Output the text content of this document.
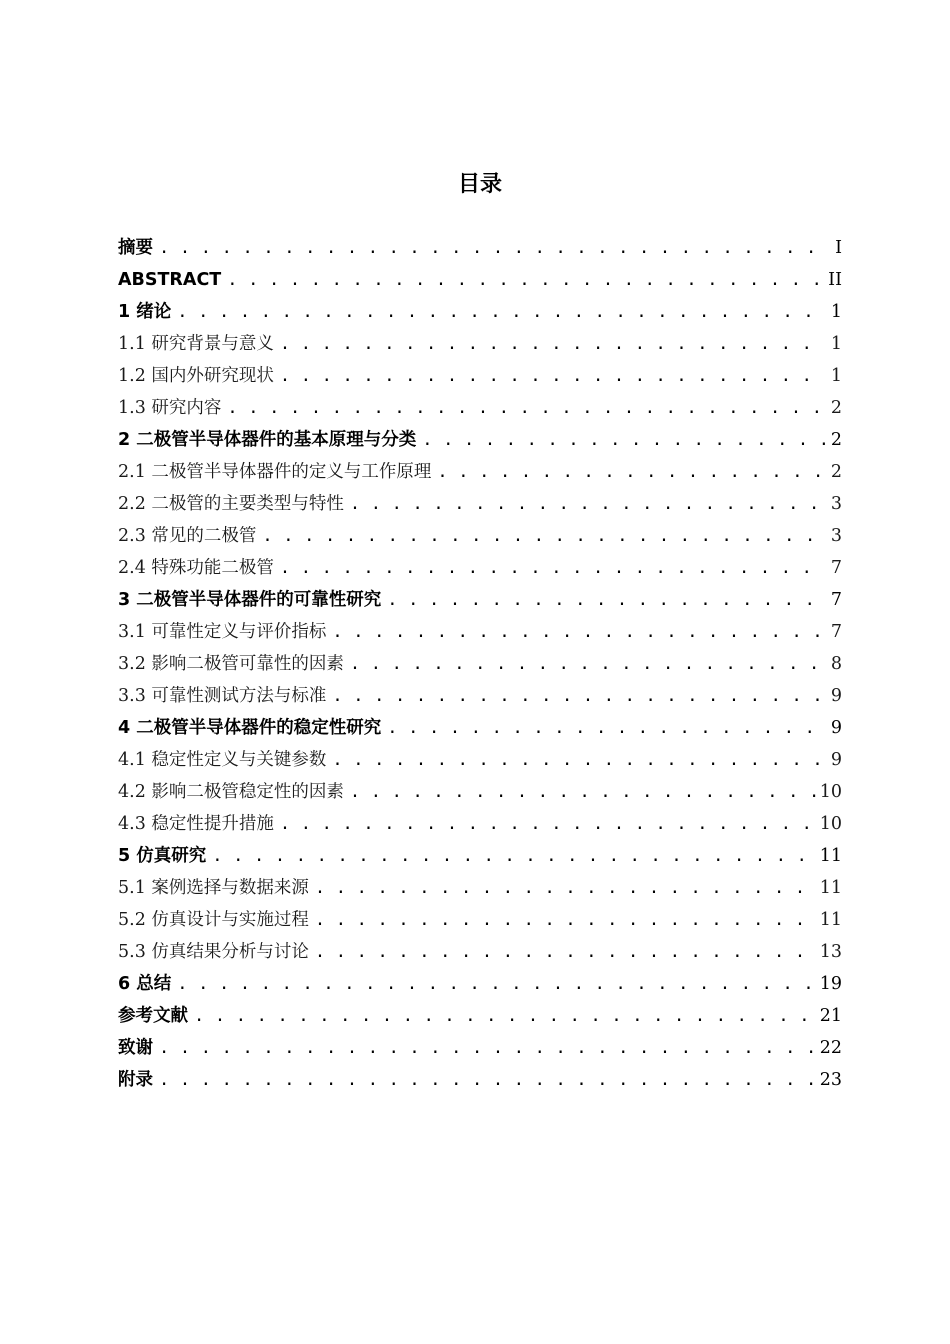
目录
摘要 . . .	I
ABSTRACT . . .	II
1 绪论 . . .	1
1.1 研究背景与意义 . . .	1
1.2 国内外研究现状 . . .	1
1.3 研究内容 . . .	2
2 二极管半导体器件的基本原理与分类 . . .	2
2.1 二极管半导体器件的定义与工作原理 . . .	2
2.2 二极管的主要类型与特性 . . .	3
2.3 常见的二极管 . . .	3
2.4 特殊功能二极管 . . .	7
3 二极管半导体器件的可靠性研究 . . .	7
3.1 可靠性定义与评价指标 . . .	7
3.2 影响二极管可靠性的因素 . . .	8
3.3 可靠性测试方法与标准 . . .	9
4 二极管半导体器件的稳定性研究 . . .	9
4.1 稳定性定义与关键参数 . . .	9
4.2 影响二极管稳定性的因素 . . .	10
4.3 稳定性提升措施 . . .	10
5 仿真研究 . . .	11
5.1 案例选择与数据来源 . . .	11
5.2 仿真设计与实施过程 . . .	11
5.3 仿真结果分析与讨论 . . .	13
6 总结 . . .	19
参考文献 . . .	21
致谢 . . .	22
附录 . . .	23
